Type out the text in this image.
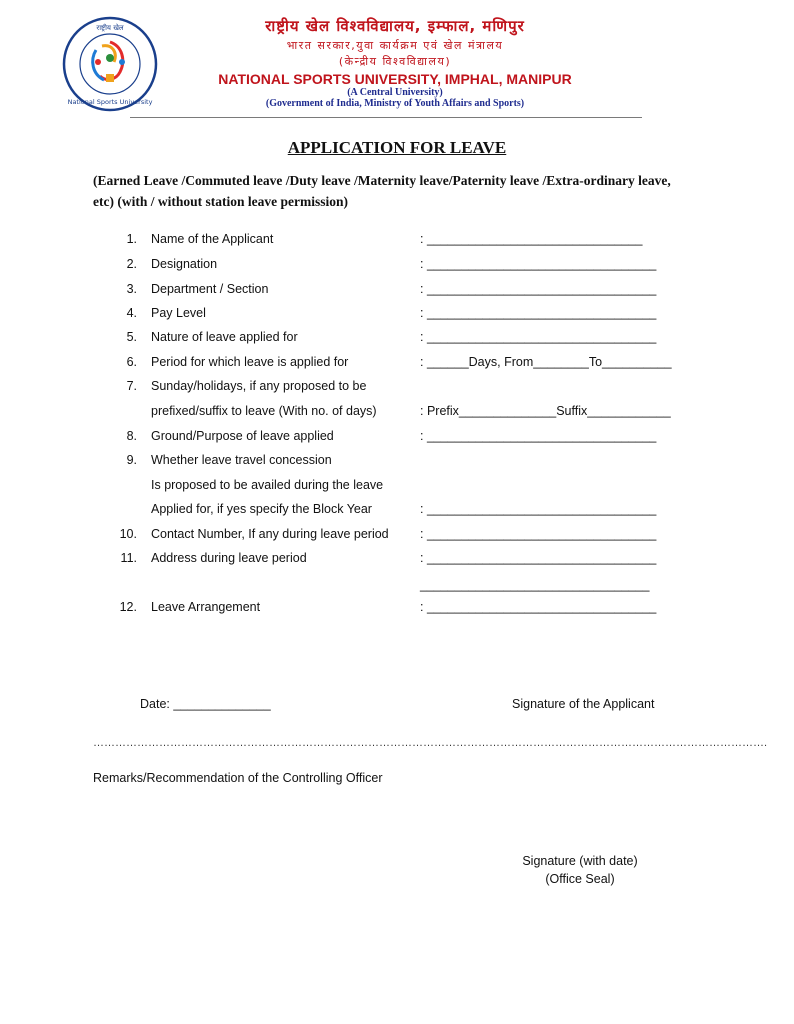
राष्ट्रीय खेल
National Sports University
राष्ट्रीय खेल विश्वविद्यालय, इम्फाल, मणिपुर
भारत सरकार,युवा कार्यक्रम एवं खेल मंत्रालय
(केन्द्रीय विश्वविद्यालय)
NATIONAL SPORTS UNIVERSITY, IMPHAL, MANIPUR
(A Central University)
(Government of India, Ministry of Youth Affairs and Sports)
APPLICATION FOR LEAVE
(Earned Leave /Commuted leave /Duty leave /Maternity leave/Paternity leave /Extra-ordinary leave, etc) (with / without station leave permission)
1. Name of the Applicant	: _______________________________
2. Designation	: _________________________________
3. Department / Section	: _________________________________
4. Pay Level	: _________________________________
5. Nature of leave applied for	: _________________________________
6. Period for which leave is applied for	: ______Days, From________To__________
7. Sunday/holidays, if any proposed to be
prefixed/suffix to leave (With no. of days)	: Prefix______________Suffix____________
8. Ground/Purpose of leave applied	: _________________________________
9. Whether leave travel concession
Is proposed to be availed during the leave
Applied for, if yes specify the Block Year	: _________________________________
10. Contact Number, If any during leave period	: _________________________________
11. Address during leave period	: _________________________________
_________________________________
12. Leave Arrangement	: _________________________________
Date: ______________	Signature of the Applicant
………………………………………………………………………………………………………………………………………………………………….
Remarks/Recommendation of the Controlling Officer
Signature (with date)
(Office Seal)
